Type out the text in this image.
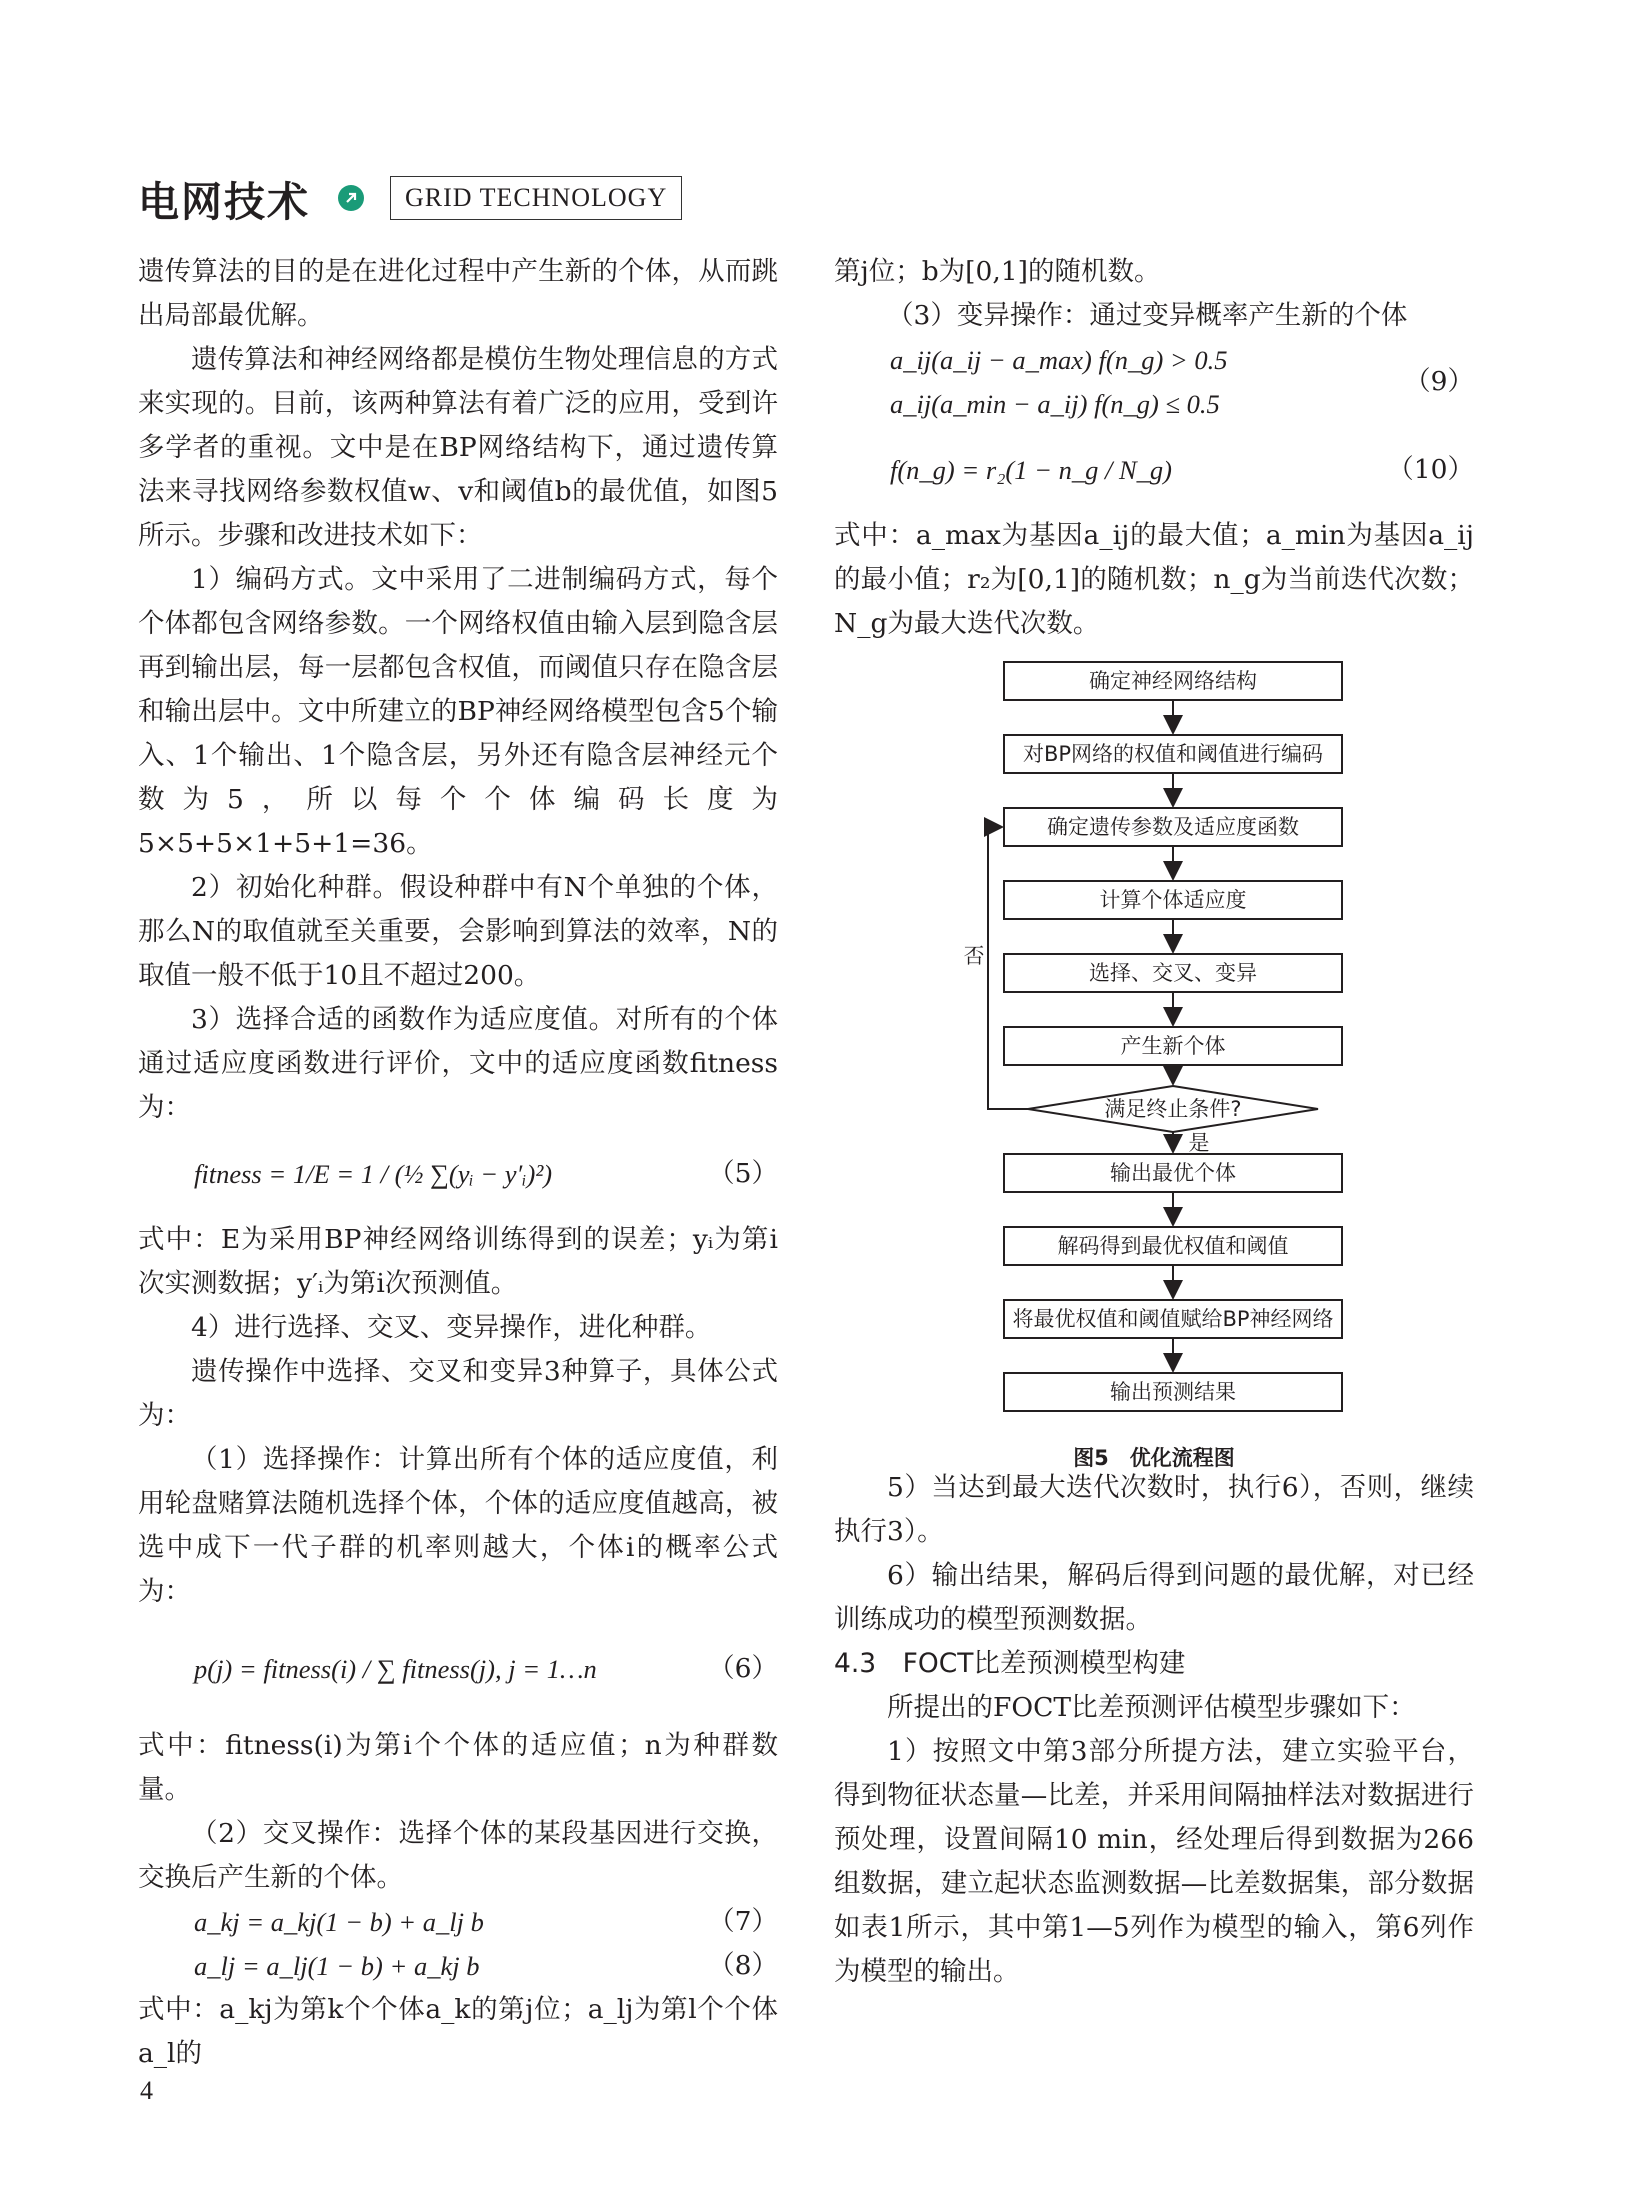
电网技术	GRID TECHNOLOGY

遗传算法的目的是在进化过程中产生新的个体，从而跳出局部最优解。

遗传算法和神经网络都是模仿生物处理信息的方式来实现的。目前，该两种算法有着广泛的应用，受到许多学者的重视。文中是在BP网络结构下，通过遗传算法来寻找网络参数权值w、v和阈值b的最优值，如图5所示。步骤和改进技术如下：

1）编码方式。文中采用了二进制编码方式，每个个体都包含网络参数。一个网络权值由输入层到隐含层再到输出层，每一层都包含权值，而阈值只存在隐含层和输出层中。文中所建立的BP神经网络模型包含5个输入、1个输出、1个隐含层，另外还有隐含层神经元个数为5，所以每个个体编码长度为5×5+5×1+5+1=36。

2）初始化种群。假设种群中有N个单独的个体，那么N的取值就至关重要，会影响到算法的效率，N的取值一般不低于10且不超过200。

3）选择合适的函数作为适应度值。对所有的个体通过适应度函数进行评价，文中的适应度函数fitness为：

fitness = 1/E = 1 / (½ ∑(yᵢ − y′ᵢ)²)	（5）

式中：E为采用BP神经网络训练得到的误差；yᵢ为第i次实测数据；y′ᵢ为第i次预测值。

4）进行选择、交叉、变异操作，进化种群。

遗传操作中选择、交叉和变异3种算子，具体公式为：

（1）选择操作：计算出所有个体的适应度值，利用轮盘赌算法随机选择个体，个体的适应度值越高，被选中成下一代子群的机率则越大，个体i的概率公式为：

p(j) = fitness(i) / ∑ fitness(j), j = 1…n	（6）

式中：fitness(i)为第i个个体的适应值；n为种群数量。

（2）交叉操作：选择个体的某段基因进行交换，交换后产生新的个体。

a_kj = a_kj(1 − b) + a_lj b	（7）
a_lj = a_lj(1 − b) + a_kj b	（8）

式中：a_kj为第k个个体a_k的第j位；a_lj为第l个个体a_l的

第j位；b为[0,1]的随机数。

（3）变异操作：通过变异概率产生新的个体

a_ij(a_ij − a_max) f(n_g) > 0.5
a_ij(a_min − a_ij) f(n_g) ≤ 0.5
（9）
f(n_g) = r₂(1 − n_g / N_g)	（10）

式中：a_max为基因a_ij的最大值；a_min为基因a_ij的最小值；r₂为[0,1]的随机数；n_g为当前迭代次数；N_g为最大迭代次数。

确定神经网络结构
对BP网络的权值和阈值进行编码
确定遗传参数及适应度函数
计算个体适应度
选择、交叉、变异
产生新个体
满足终止条件?
否
是
输出最优个体
解码得到最优权值和阈值
将最优权值和阈值赋给BP神经网络
输出预测结果
图5　优化流程图

5）当达到最大迭代次数时，执行6），否则，继续执行3）。

6）输出结果，解码后得到问题的最优解，对已经训练成功的模型预测数据。

4.3　FOCT比差预测模型构建

所提出的FOCT比差预测评估模型步骤如下：

1）按照文中第3部分所提方法，建立实验平台，得到物征状态量—比差，并采用间隔抽样法对数据进行预处理，设置间隔10 min，经处理后得到数据为266组数据，建立起状态监测数据—比差数据集，部分数据如表1所示，其中第1—5列作为模型的输入，第6列作为模型的输出。

4
